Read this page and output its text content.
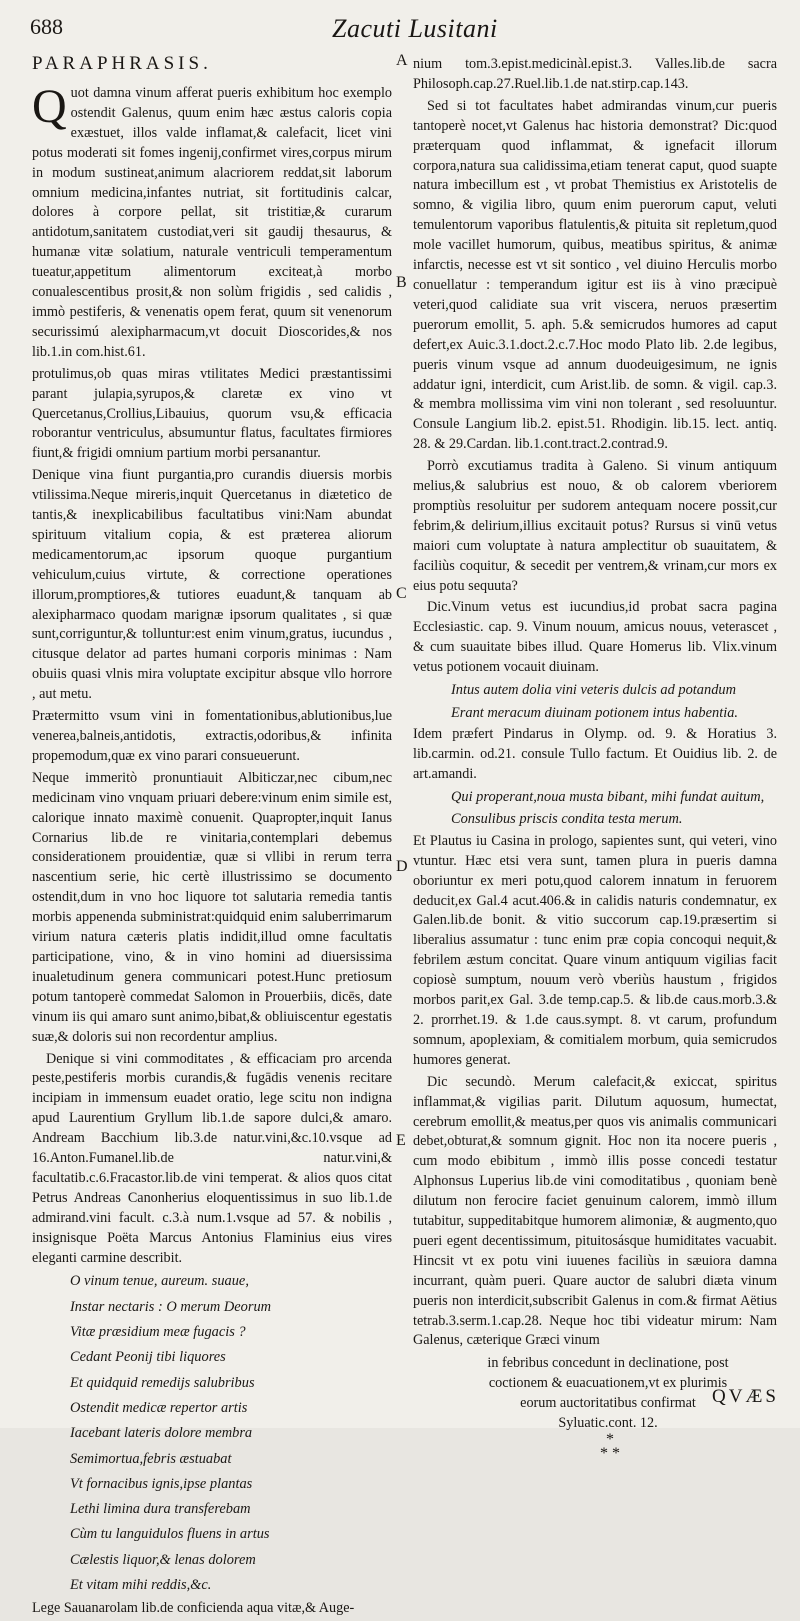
688	Zacuti Lusitani
A
B
C
D
E
PARAPHRASIS.

Quot damna vinum afferat pueris exhibitum hoc exemplo ostendit Galenus, quum enim hæc æstus caloris copia exæstuet, illos valde inflamat,& calefacit, licet vini potus moderati sit fomes ingenij,confirmet vires,corpus mirum in modum sustineat,animum alacriorem reddat,sit laborum omnium medicina,infantes nutriat, sit fortitudinis calcar, dolores à corpore pellat, sit tristitiæ,& curarum antidotum,sanitatem custodiat,veri sit gaudij thesaurus, & humanæ vitæ solatium, naturale ventriculi temperamentum tueatur,appetitum alimentorum exciteat,à morbo conualescentibus prosit,& non solùm frigidis , sed calidis , immò pestiferis, & venenatis opem ferat, quum sit venenorum securissimú alexipharmacum,vt docuit Dioscorides,& nos lib.1.in com.hist.61.

protulimus,ob quas miras vtilitates Medici præstantissimi parant julapia,syrupos,& claretæ ex vino vt Quercetanus,Crollius,Libauius, quorum vsu,& efficacia roborantur ventriculus, absumuntur flatus, facultates firmiores fiunt,& frigidi omnium partium morbi persanantur.

Denique vina fiunt purgantia,pro curandis diuersis morbis vtilissima.Neque mireris,inquit Quercetanus in diætetico de tantis,& inexplicabilibus facultatibus vini:Nam abundat spirituum vitalium copia, & est præterea aliorum medicamentorum,ac ipsorum quoque purgantium vehiculum,cuius virtute, & correctione operationes illorum,promptiores,& tutiores euadunt,& tanquam ab alexipharmaco quodam marignæ ipsorum qualitates , si quæ sunt,corriguntur,& tolluntur:est enim vinum,gratus, iucundus , citusque delator ad partes humani corporis minimas : Nam obuiis quasi vlnis mira voluptate excipitur absque vllo horrore , aut metu.

Prætermitto vsum vini in fomentationibus,ablutionibus,lue venerea,balneis,antidotis, extractis,odoribus,& infinita propemodum,quæ ex vino parari consueuerunt.

Neque immeritò pronuntiauit Albiticzar,nec cibum,nec medicinam vino vnquam priuari debere:vinum enim simile est, calorique innato maximè conuenit. Quapropter,inquit Ianus Cornarius lib.de re vinitaria,contemplari debemus considerationem prouidentiæ, quæ si vllibi in rerum terra nascentium serie, hic certè illustrissimo se documento ostendit,dum in vno hoc liquore tot salutaria remedia tantis morbis appenenda subministrat:quidquid enim saluberrimarum virium natura cæteris platis indidit,illud omne facultatis participatione, vino, & in vino homini ad diuersissima inualetudinum genera communicari potest.Hunc pretiosum potum tantoperè commedat Salomon in Prouerbiis, dicēs, date vinum iis qui amaro sunt animo,bibat,& obliuiscentur egestatis suæ,& doloris sui non recordentur amplius.

Denique si vini commoditates , & efficaciam pro arcenda peste,pestiferis morbis curandis,& fugādis venenis recitare incipiam in immensum euadet oratio, lege scitu non indigna apud Laurentium Gryllum lib.1.de sapore dulci,& amaro. Andream Bacchium lib.3.de natur.vini,&c.10.vsque ad 16.Anton.Fumanel.lib.de natur.vini,& facultatib.c.6.Fracastor.lib.de vini temperat. & alios quos citat Petrus Andreas Canonherius eloquentissimus in suo lib.1.de admirand.vini facult. c.3.à num.1.vsque ad 57. & nobilis , insignisque Poëta Marcus Antonius Flaminius eius vires eleganti carmine describit.

O vinum tenue, aureum. suaue,
Instar nectaris : O merum Deorum
Vitæ præsidium meæ fugacis ?
Cedant Peonij tibi liquores
Et quidquid remedijs salubribus
Ostendit medicæ repertor artis
Iacebant lateris dolore membra
Semimortua,febris æstuabat
Vt fornacibus ignis,ipse plantas
Lethi limina dura transferebam
Cùm tu languidulos fluens in artus
Cælestis liquor,& lenas dolorem
Et vitam mihi reddis,&c.

Lege Sauanarolam lib.de conficienda aqua vitæ,& Auge-

nium tom.3.epist.medicinàl.epist.3. Valles.lib.de sacra Philosoph.cap.27.Ruel.lib.1.de nat.stirp.cap.143.

Sed si tot facultates habet admirandas vinum,cur pueris tantoperè nocet,vt Galenus hac historia demonstrat? Dic:quod præterquam quod inflammat, & ignefacit illorum corpora,natura sua calidissima,etiam tenerat caput, quod suapte natura imbecillum est , vt probat Themistius ex Aristotelis de somno, & vigilia libro, quum enim puerorum caput, veluti temulentorum vaporibus flatulentis,& pituita sit repletum,quod mole vacillet humorum, quibus, meatibus spiritus, & animæ infarctis, necesse est vt sit sontico , vel diuino Herculis morbo conuellatur : temperandum igitur est iis à vino præcipuè veteri,quod calidiate sua vrit viscera, neruos præsertim puerorum emollit, 5. aph. 5.& semicrudos humores ad caput defert,ex Auic.3.1.doct.2.c.7.Hoc modo Plato lib. 2.de legibus, pueris vinum vsque ad annum duodeuigesimum, ne ignis addatur igni, interdicit, cum Arist.lib. de somn. & vigil. cap.3. & membra mollissima vim vini non tolerant , sed resoluuntur. Consule Langium lib.2. epist.51. Rhodigin. lib.15. lect. antiq. 28. & 29.Cardan. lib.1.cont.tract.2.contrad.9.

Porrò excutiamus tradita à Galeno. Si vinum antiquum melius,& salubrius est nouo, & ob calorem vberiorem promptiùs resoluitur per sudorem antequam nocere possit,cur febrim,& delirium,illius excitauit potus? Rursus si vinū vetus maiori cum voluptate à natura amplectitur ob suauitatem, & faciliùs coquitur, & secedit per ventrem,& vrinam,cur mors ex eius potu sequuta?

Dic.Vinum vetus est iucundius,id probat sacra pagina Ecclesiastic. cap. 9. Vinum nouum, amicus nouus, veterascet , & cum suauitate bibes illud. Quare Homerus lib. Vlix.vinum vetus potionem vocauit diuinam.

Intus autem dolia vini veteris dulcis ad potandum
Erant meracum diuinam potionem intus habentia.

Idem præfert Pindarus in Olymp. od. 9. & Horatius 3. lib.carmin. od.21. consule Tullo factum. Et Ouidius lib. 2. de art.amandi.

Qui properant,noua musta bibant, mihi fundat auitum,
Consulibus priscis condita testa merum.

Et Plautus iu Casina in prologo, sapientes sunt, qui veteri, vino vtuntur. Hæc etsi vera sunt, tamen plura in pueris damna oboriuntur ex meri potu,quod calorem innatum in feruorem deducit,ex Gal.4 acut.406.& in calidis naturis condemnatur, ex Galen.lib.de bonit. & vitio succorum cap.19.præsertim si liberalius assumatur : tunc enim præ copia concoqui nequit,& febrilem æstum concitat. Quare vinum antiquum vigilias facit copiosè sumptum, nouum verò vberiùs haustum , frigidos morbos parit,ex Gal. 3.de temp.cap.5. & lib.de caus.morb.3.& 2. prorrhet.19. & 1.de caus.sympt. 8. vt carum, profundum somnum, apoplexiam, & comitialem morbum, quia semicrudos humores generat.

Dic secundò. Merum calefacit,& exiccat, spiritus inflammat,& vigilias parit. Dilutum aquosum, humectat, cerebrum emollit,& meatus,per quos vis animalis communicari debet,obturat,& somnum gignit. Hoc non ita nocere pueris , cum modo ebibitum , immò illis posse concedi testatur Alphonsus Luperius lib.de vini comoditatibus , quoniam benè dilutum non ferocire faciet genuinum calorem, immò illum tutabitur, suppeditabitque humorem alimoniæ, & augmento,quo pueri egent decentissimum, pituitosásque humiditates vacuabit. Hincsit vt ex potu vini iuuenes faciliùs in sæuiora damna incurrant, quàm pueri. Quare auctor de salubri diæta vinum pueris non interdicit,subscribit Galenus in com.& firmat Aëtius tetrab.3.serm.1.cap.28. Neque hoc tibi videatur mirum: Nam Galenus, cæterique Græci vinum

in febribus concedunt in declinatione, post
coctionem & euacuationem,vt ex plurimis
eorum auctoritatibus confirmat
Syluatic.cont. 12.
*
* *
QVÆS
